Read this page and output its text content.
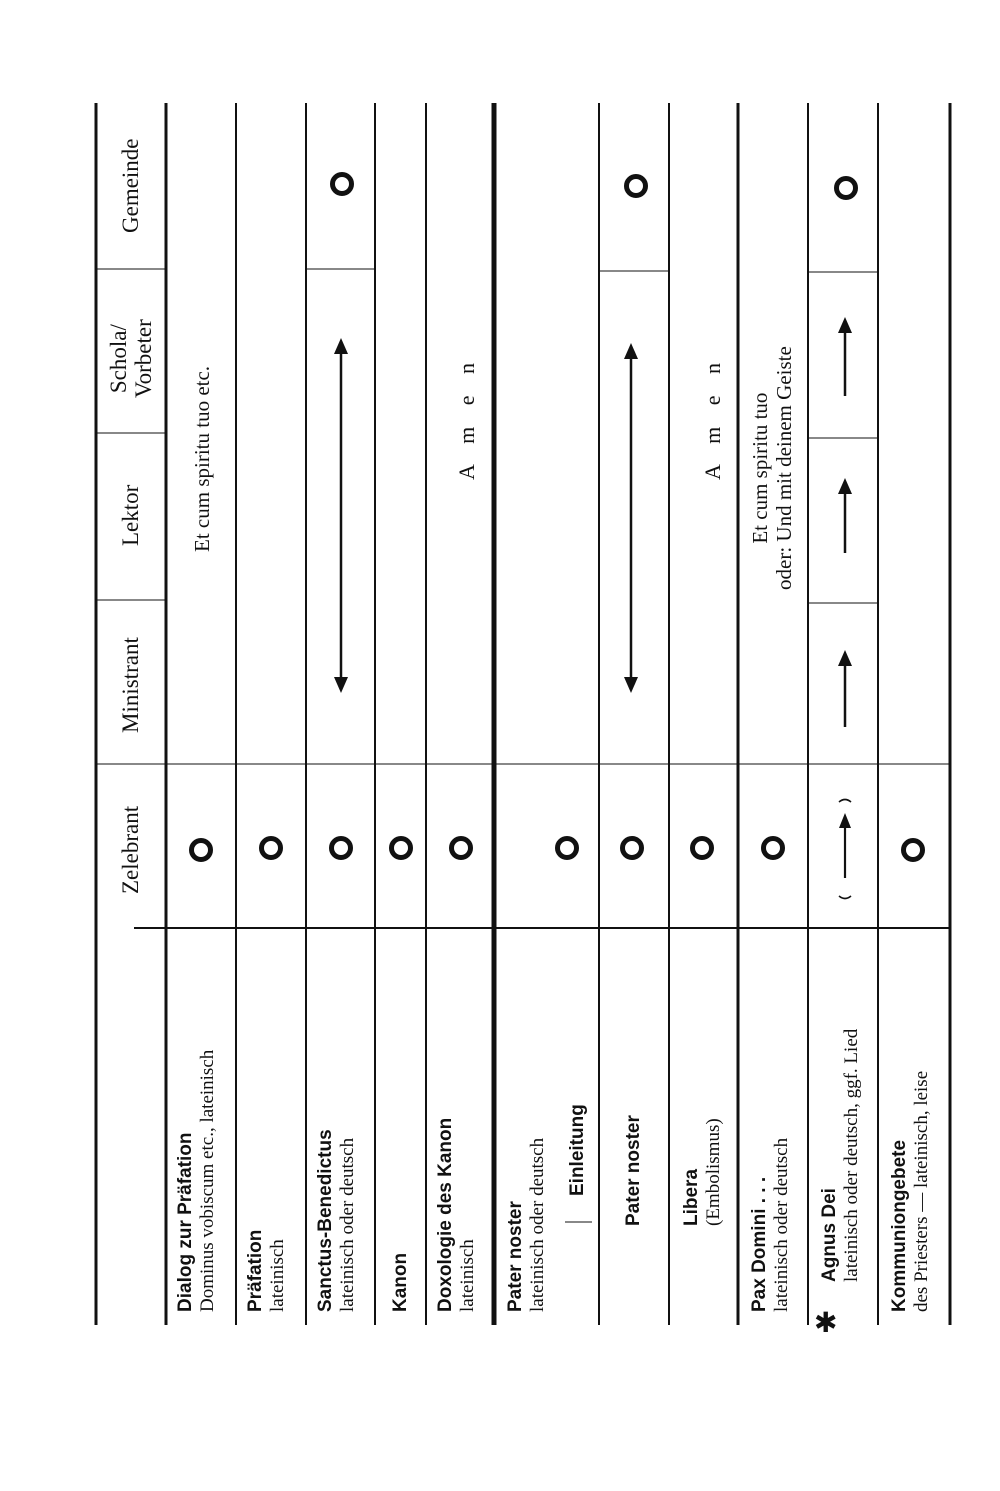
Zelebrant
Ministrant
Lektor
Schola/ Vorbeter
Gemeinde
Dialog zur Präfation Dominus vobiscum etc., lateinisch Präfation lateinisch Sanctus-Benedictus lateinisch oder deutsch Kanon Doxologie des Kanon lateinisch Pater noster lateinisch oder deutsch Einleitung Pater noster Libera (Embolismus)
Pax Domini . . . lateinisch oder deutsch
✱
Agnus Dei lateinisch oder deutsch, ggf. Lied Kommuniongebete des Priesters — lateinisch, leise
Et cum spiritu tuo etc.	A m e n	A m e n Et cum spiritu tuo oder: Und mit deinem Geiste
